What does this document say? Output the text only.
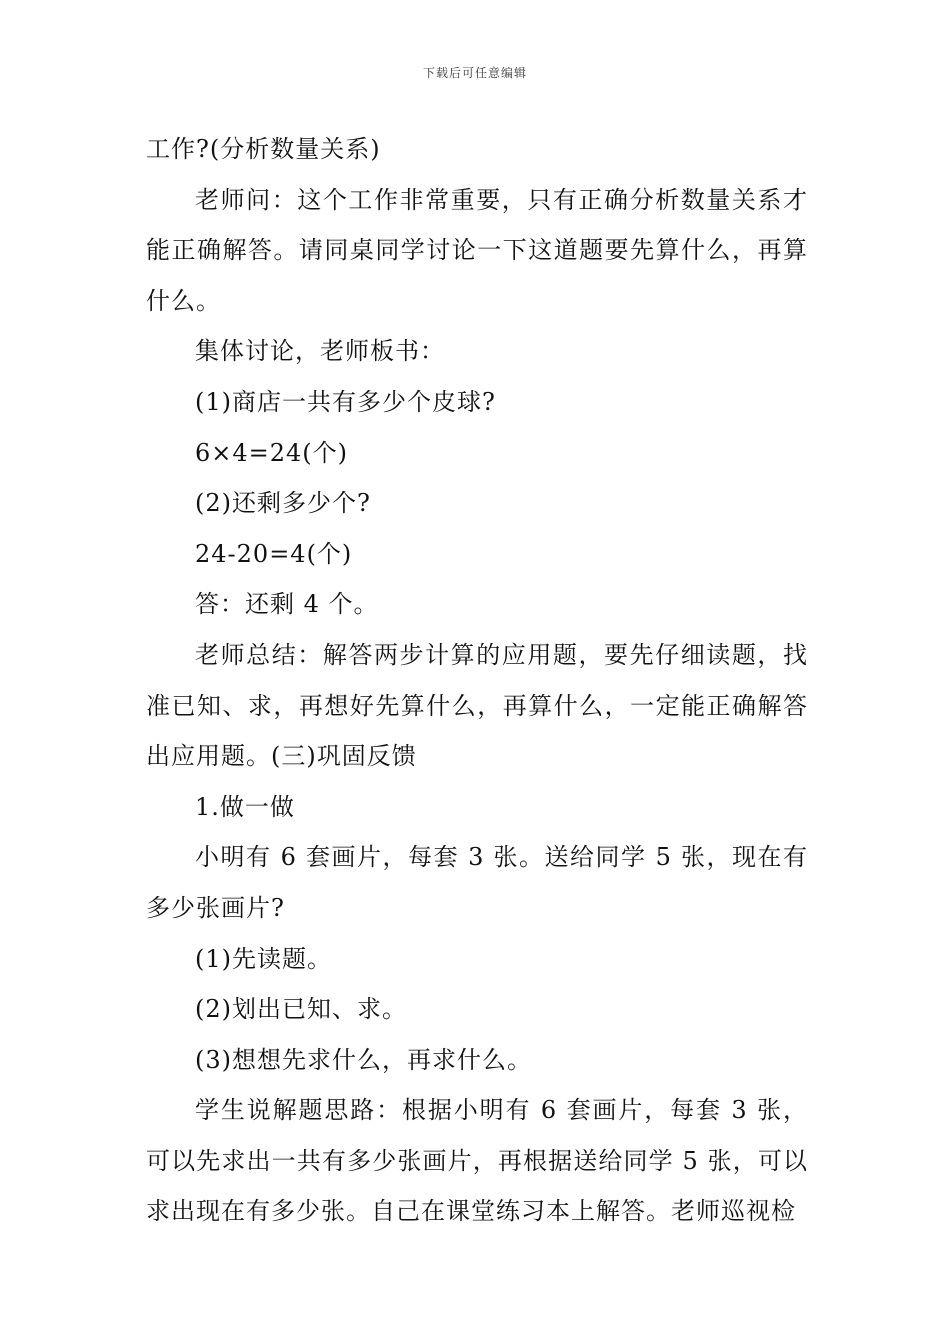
下载后可任意编辑

工作?(分析数量关系)

老师问：这个工作非常重要，只有正确分析数量关系才能正确解答。请同桌同学讨论一下这道题要先算什么，再算什么。

集体讨论，老师板书：

(1)商店一共有多少个皮球?

6×4=24(个)

(2)还剩多少个?

24-20=4(个)

答：还剩 4 个。

老师总结：解答两步计算的应用题，要先仔细读题，找准已知、求，再想好先算什么，再算什么，一定能正确解答出应用题。(三)巩固反馈

1.做一做

小明有 6 套画片，每套 3 张。送给同学 5 张，现在有多少张画片?

(1)先读题。

(2)划出已知、求。

(3)想想先求什么，再求什么。

学生说解题思路：根据小明有 6 套画片，每套 3 张，可以先求出一共有多少张画片，再根据送给同学 5 张，可以求出现在有多少张。自己在课堂练习本上解答。老师巡视检
